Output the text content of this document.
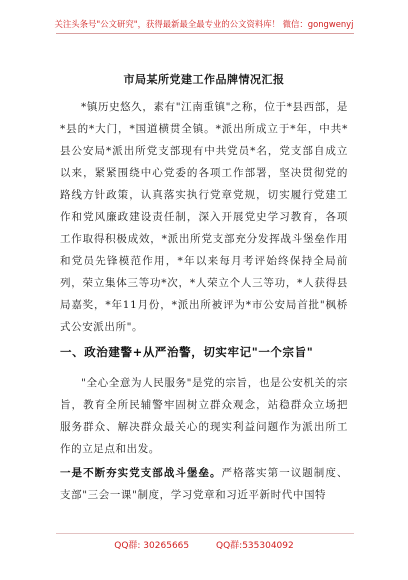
关注头条号"公文研究"，获得最新最全最专业的公文资料库！ 微信：gongwenyj
市局某所党建工作品牌情况汇报
*镇历史悠久，素有"江南重镇"之称，位于*县西部，是*县的*大门，*国道横贯全镇。*派出所成立于*年，中共*县公安局*派出所党支部现有中共党员*名，党支部自成立以来，紧紧围绕中心党委的各项工作部署，坚决贯彻党的路线方针政策，认真落实执行党章党规，切实履行党建工作和党风廉政建设责任制，深入开展党史学习教育，各项工作取得积极成效，*派出所党支部充分发挥战斗堡垒作用和党员先锋模范作用，*年以来每月考评始终保持全局前列，荣立集体三等功*次，*人荣立个人三等功，*人获得县局嘉奖，*年11月份，*派出所被评为*市公安局首批"枫桥式公安派出所"。
一、政治建警+从严治警，切实牢记"一个宗旨"
"全心全意为人民服务"是党的宗旨，也是公安机关的宗旨，教育全所民辅警牢固树立群众观念，站稳群众立场把服务群众、解决群众最关心的现实利益问题作为派出所工作的立足点和出发。
一是不断夯实党支部战斗堡垒。严格落实第一议题制度、支部"三会一课"制度，学习党章和习近平新时代中国特
QQ群: 30265665	QQ群:535304092
